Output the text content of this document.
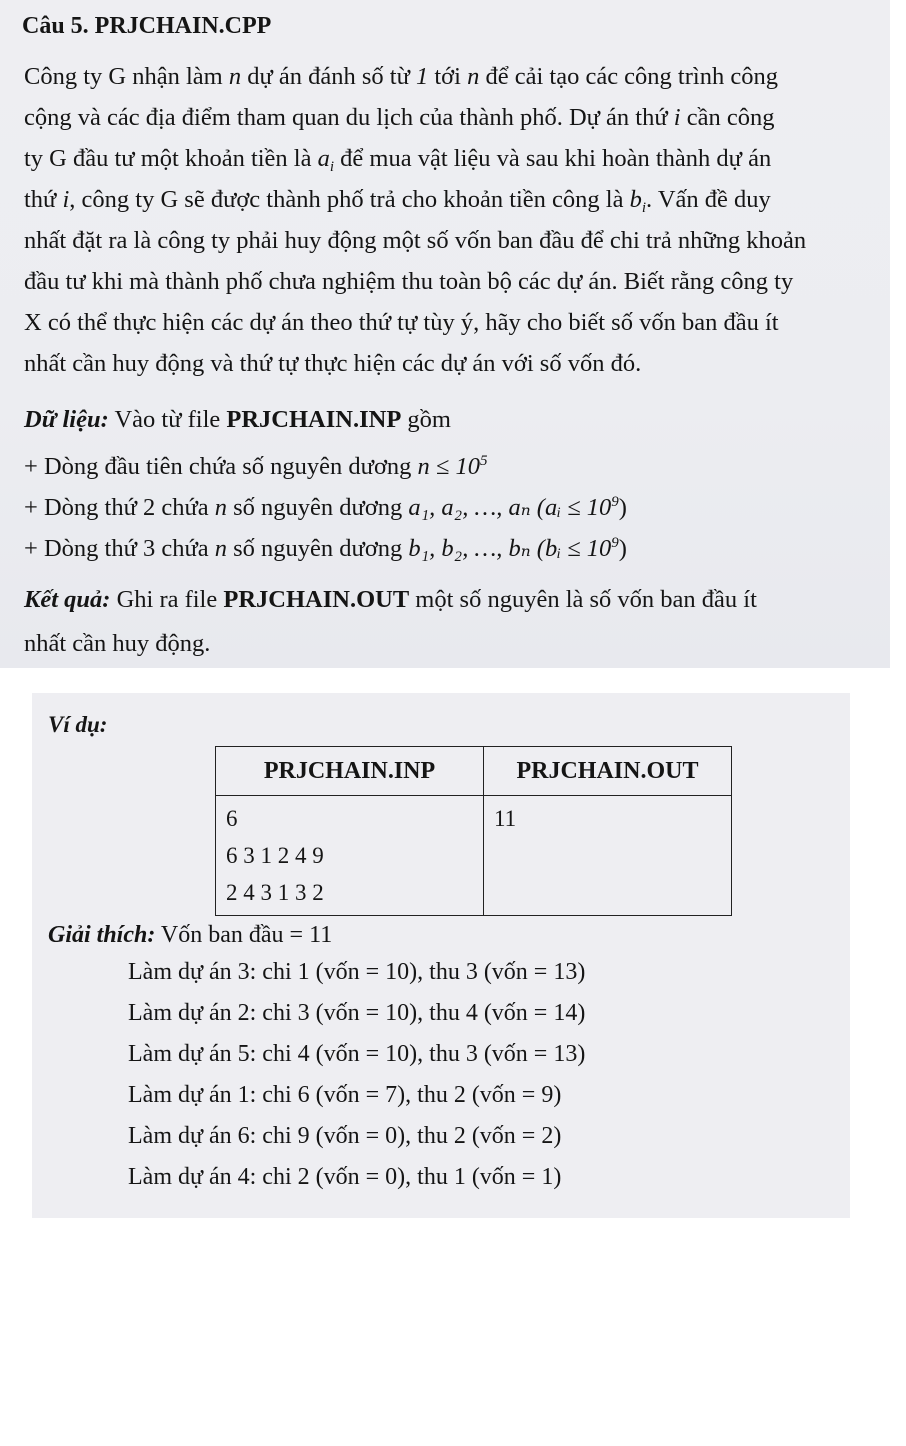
Câu 5. PRJCHAIN.CPP
Công ty G nhận làm n dự án đánh số từ 1 tới n để cải tạo các công trình công
cộng và các địa điểm tham quan du lịch của thành phố. Dự án thứ i cần công
ty G đầu tư một khoản tiền là $a_i$ để mua vật liệu và sau khi hoàn thành dự án
thứ i, công ty G sẽ được thành phố trả cho khoản tiền công là $b_i$. Vấn đề duy
nhất đặt ra là công ty phải huy động một số vốn ban đầu để chi trả những khoản
đầu tư khi mà thành phố chưa nghiệm thu toàn bộ các dự án. Biết rằng công ty
X có thể thực hiện các dự án theo thứ tự tùy ý, hãy cho biết số vốn ban đầu ít
nhất cần huy động và thứ tự thực hiện các dự án với số vốn đó.
Dữ liệu: Vào từ file PRJCHAIN.INP gồm
+ Dòng đầu tiên chứa số nguyên dương $n \le 10^5$
+ Dòng thứ 2 chứa n số nguyên dương a₁, a₂, …, aₙ (aᵢ ≤ $10^9$)
+ Dòng thứ 3 chứa n số nguyên dương b₁, b₂, …, bₙ (bᵢ ≤ $10^9$)
Kết quả: Ghi ra file PRJCHAIN.OUT một số nguyên là số vốn ban đầu ít
nhất cần huy động.
Ví dụ:
PRJCHAIN.INP	PRJCHAIN.OUT

6
6 3 1 2 4 9
2 4 3 1 3 2	11
Giải thích: Vốn ban đầu = 11
Làm dự án 3: chi 1 (vốn = 10), thu 3 (vốn = 13)
Làm dự án 2: chi 3 (vốn = 10), thu 4 (vốn = 14)
Làm dự án 5: chi 4 (vốn = 10), thu 3 (vốn = 13)
Làm dự án 1: chi 6 (vốn = 7), thu 2 (vốn = 9)
Làm dự án 6: chi 9 (vốn = 0), thu 2 (vốn = 2)
Làm dự án 4: chi 2 (vốn = 0), thu 1 (vốn = 1)
